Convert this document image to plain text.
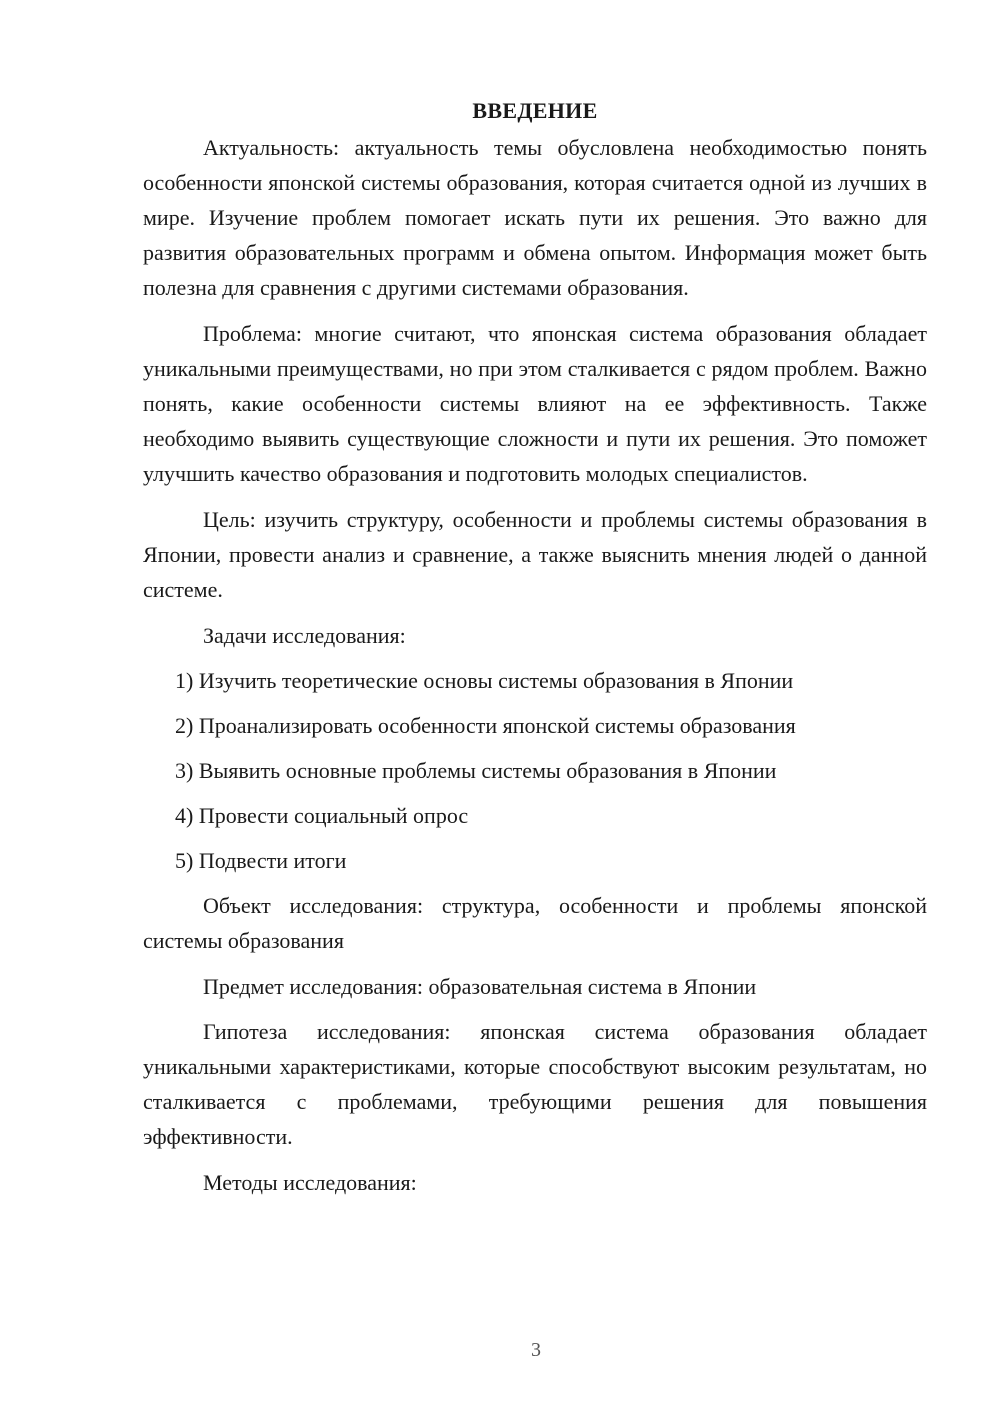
ВВЕДЕНИЕ

Актуальность: актуальность темы обусловлена необходимостью понять особенности японской системы образования, которая считается одной из лучших в мире. Изучение проблем помогает искать пути их решения. Это важно для развития образовательных программ и обмена опытом. Информация может быть полезна для сравнения с другими системами образования.

Проблема: многие считают, что японская система образования обладает уникальными преимуществами, но при этом сталкивается с рядом проблем. Важно понять, какие особенности системы влияют на ее эффективность. Также необходимо выявить существующие сложности и пути их решения. Это поможет улучшить качество образования и подготовить молодых специалистов.

Цель: изучить структуру, особенности и проблемы системы образования в Японии, провести анализ и сравнение, а также выяснить мнения людей о данной системе.

Задачи исследования:

1) Изучить теоретические основы системы образования в Японии
2) Проанализировать особенности японской системы образования
3) Выявить основные проблемы системы образования в Японии
4) Провести социальный опрос
5) Подвести итоги

Объект исследования: структура, особенности и проблемы японской системы образования

Предмет исследования: образовательная система в Японии

Гипотеза исследования: японская система образования обладает уникальными характеристиками, которые способствуют высоким результатам, но сталкивается с проблемами, требующими решения для повышения эффективности.

Методы исследования:

3
